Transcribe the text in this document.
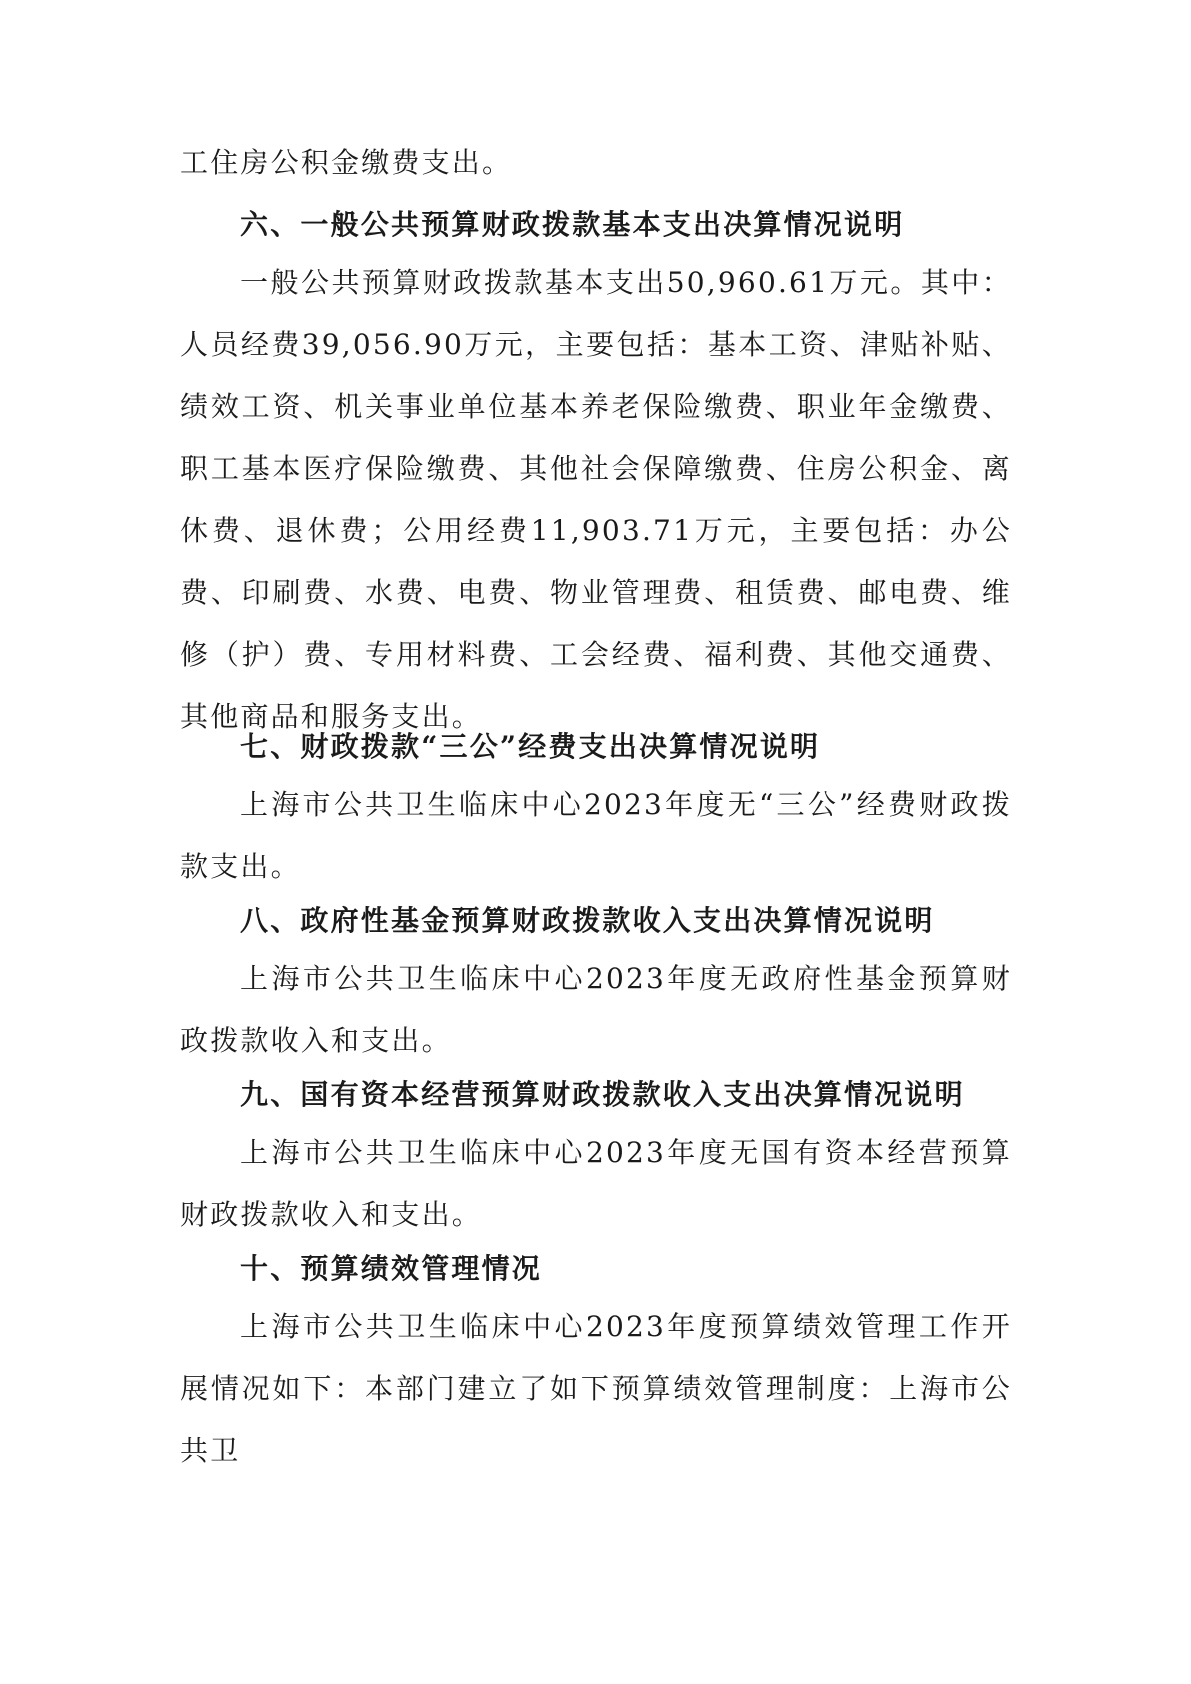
工住房公积金缴费支出。

六、一般公共预算财政拨款基本支出决算情况说明

一般公共预算财政拨款基本支出50,960.61万元。其中：人员经费39,056.90万元，主要包括：基本工资、津贴补贴、绩效工资、机关事业单位基本养老保险缴费、职业年金缴费、职工基本医疗保险缴费、其他社会保障缴费、住房公积金、离休费、退休费；公用经费11,903.71万元，主要包括：办公费、印刷费、水费、电费、物业管理费、租赁费、邮电费、维修（护）费、专用材料费、工会经费、福利费、其他交通费、其他商品和服务支出。

七、财政拨款“三公”经费支出决算情况说明

上海市公共卫生临床中心2023年度无“三公”经费财政拨款支出。

八、政府性基金预算财政拨款收入支出决算情况说明

上海市公共卫生临床中心2023年度无政府性基金预算财政拨款收入和支出。

九、国有资本经营预算财政拨款收入支出决算情况说明

上海市公共卫生临床中心2023年度无国有资本经营预算财政拨款收入和支出。

十、预算绩效管理情况

上海市公共卫生临床中心2023年度预算绩效管理工作开展情况如下：本部门建立了如下预算绩效管理制度：上海市公共卫
